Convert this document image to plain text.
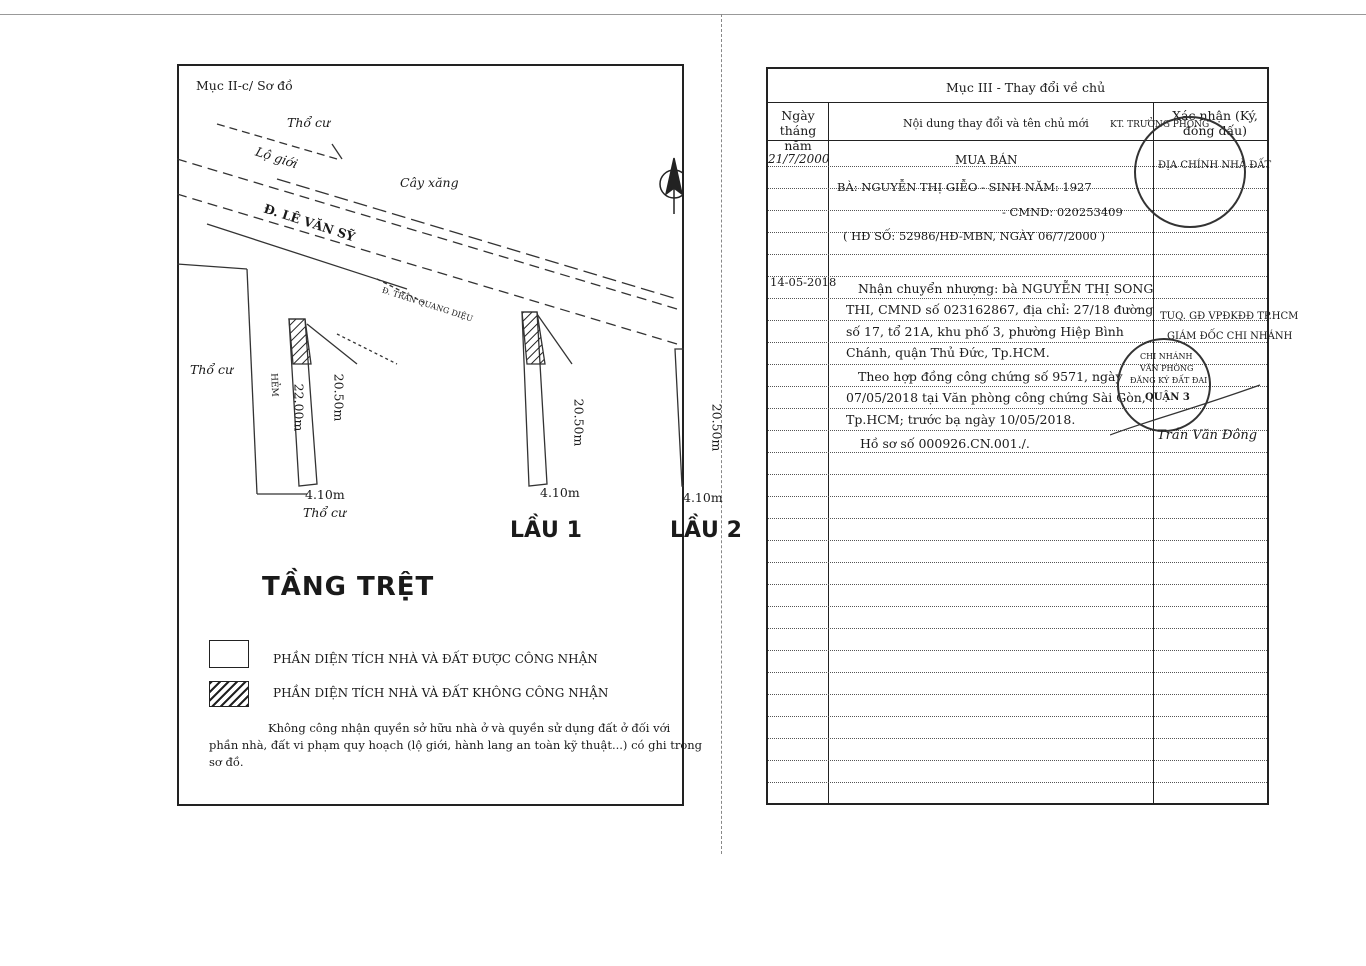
Mục II-c/ Sơ đồ
Thổ cư
Lộ giới
Cây xăng
Đ. LÊ VĂN SỸ
Đ. TRẦN QUANG DIỆU
Thổ cư
Thổ cư
HẺM
4.10m
20.50m
22.00m
4.10m
20.50m
4.10m
20.50m
TẦNG TRỆT
LẦU 1	LẦU 2
PHẦN DIỆN TÍCH NHÀ VÀ ĐẤT ĐƯỢC CÔNG NHẬN
PHẦN DIỆN TÍCH NHÀ VÀ ĐẤT KHÔNG CÔNG NHẬN
Không công nhận quyền sở hữu nhà ở và quyền sử dụng đất ở đối với
phần nhà, đất vi phạm quy hoạch (lộ giới, hành lang an toàn kỹ thuật...) có ghi trong
sơ đồ.
Mục III - Thay đổi về chủ
Ngày tháng năm
Nội dung thay đổi và tên chủ mới
Xác nhận (Ký, đóng dấu)
21/7/2000	MUA BÁN
BÀ: NGUYỄN THỊ GIỄO - SINH NĂM: 1927
- CMND: 020253409
( HĐ SỐ: 52986/HĐ-MBN, NGÀY 06/7/2000 )
14-05-2018 Nhận chuyển nhượng: bà NGUYỄN THỊ SONG
THI, CMND số 023162867, địa chỉ: 27/18 đường
số 17, tổ 21A, khu phố 3, phường Hiệp Bình
Chánh, quận Thủ Đức, Tp.HCM.
Theo hợp đồng công chứng số 9571, ngày
07/05/2018 tại Văn phòng công chứng Sài Gòn,
Tp.HCM; trước bạ ngày 10/05/2018.
Hồ sơ số 000926.CN.001./.
KT. TRƯỞNG PHÒNG
ĐỊA CHÍNH NHÀ ĐẤT
CHI NHÁNH
VĂN PHÒNG
ĐĂNG KÝ ĐẤT ĐAI
QUẬN 3
TUQ. GĐ VPĐKĐĐ TP.HCM
GIÁM ĐỐC CHI NHÁNH
Trần Văn Đông
